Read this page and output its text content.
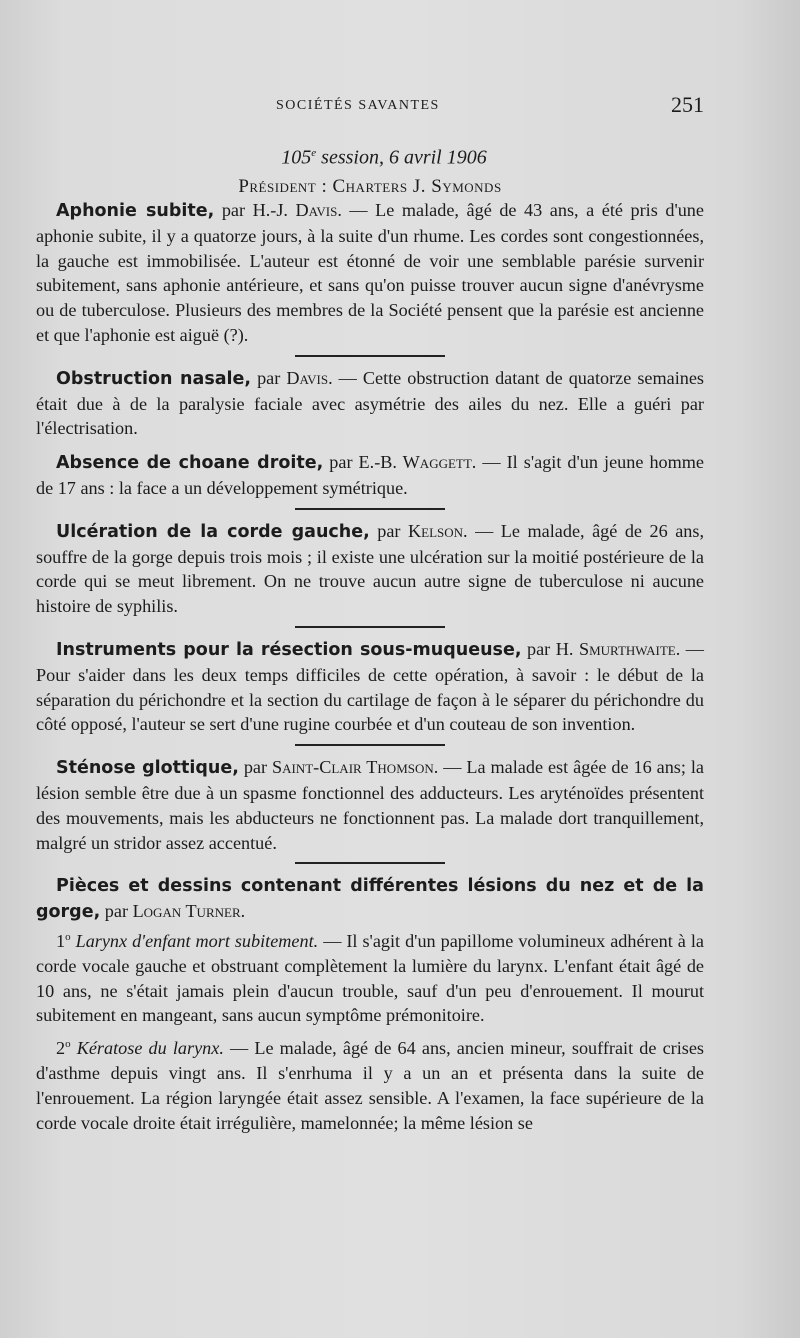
SOCIÉTÉS SAVANTES	251
105e session, 6 avril 1906
Président : Charters J. Symonds

Aphonie subite, par H.-J. Davis. — Le malade, âgé de 43 ans, a été pris d'une aphonie subite, il y a quatorze jours, à la suite d'un rhume. Les cordes sont congestionnées, la gauche est immobilisée. L'auteur est étonné de voir une semblable parésie survenir subitement, sans aphonie antérieure, et sans qu'on puisse trouver aucun signe d'anévrysme ou de tuberculose. Plusieurs des membres de la Société pensent que la parésie est ancienne et que l'aphonie est aiguë (?).

Obstruction nasale, par Davis. — Cette obstruction datant de quatorze semaines était due à de la paralysie faciale avec asymétrie des ailes du nez. Elle a guéri par l'électrisation.

Absence de choane droite, par E.-B. Waggett. — Il s'agit d'un jeune homme de 17 ans : la face a un développement symétrique.

Ulcération de la corde gauche, par Kelson. — Le malade, âgé de 26 ans, souffre de la gorge depuis trois mois ; il existe une ulcération sur la moitié postérieure de la corde qui se meut librement. On ne trouve aucun autre signe de tuberculose ni aucune histoire de syphilis.

Instruments pour la résection sous-muqueuse, par H. Smurthwaite. — Pour s'aider dans les deux temps difficiles de cette opération, à savoir : le début de la séparation du périchondre et la section du cartilage de façon à le séparer du périchondre du côté opposé, l'auteur se sert d'une rugine courbée et d'un couteau de son invention.

Sténose glottique, par Saint-Clair Thomson. — La malade est âgée de 16 ans; la lésion semble être due à un spasme fonctionnel des adducteurs. Les aryténoïdes présentent des mouvements, mais les abducteurs ne fonctionnent pas. La malade dort tranquillement, malgré un stridor assez accentué.

Pièces et dessins contenant différentes lésions du nez et de la gorge, par Logan Turner.

1$^o$ Larynx d'enfant mort subitement. — Il s'agit d'un papillome volumineux adhérent à la corde vocale gauche et obstruant complètement la lumière du larynx. L'enfant était âgé de 10 ans, ne s'était jamais plein d'aucun trouble, sauf d'un peu d'enrouement. Il mourut subitement en mangeant, sans aucun symptôme prémonitoire.

2$^o$ Kératose du larynx. — Le malade, âgé de 64 ans, ancien mineur, souffrait de crises d'asthme depuis vingt ans. Il s'enrhuma il y a un an et présenta dans la suite de l'enrouement. La région laryngée était assez sensible. A l'examen, la face supérieure de la corde vocale droite était irrégulière, mamelonnée; la même lésion se
